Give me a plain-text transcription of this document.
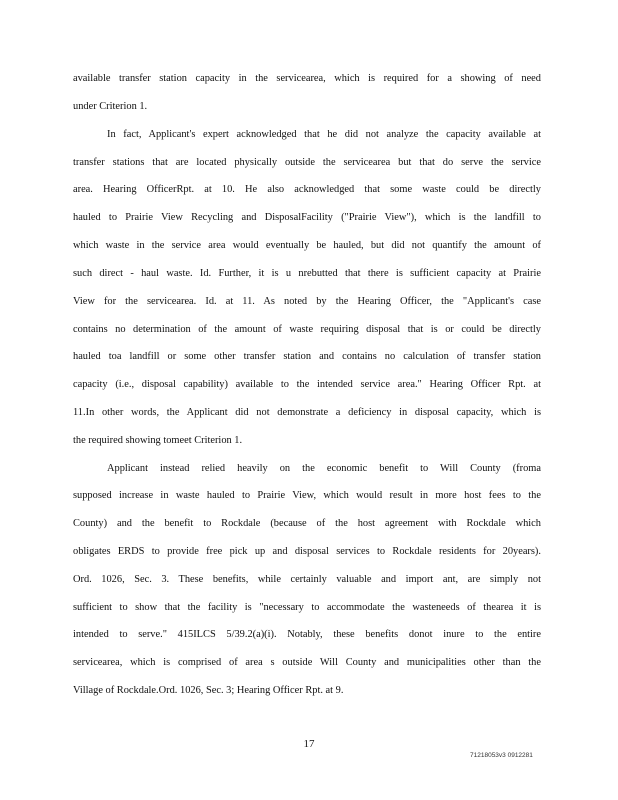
available transfer station capacity in the servicearea, which is required for a showing of need
under Criterion 1.
In fact, Applicant's expert acknowledged that he did not analyze the capacity available at
transfer stations that are located physically outside the servicearea but that do serve the service
area. Hearing OfficerRpt. at 10. He also acknowledged that some waste could be directly
hauled to Prairie View Recycling and DisposalFacility ("Prairie View"), which is the landfill to
which waste in the service area would eventually be hauled, but did not quantify the amount of
such direct - haul waste. Id. Further, it is u nrebutted that there is sufficient capacity at Prairie
View for the servicearea. Id. at 11. As noted by the Hearing Officer, the "Applicant's case
contains no determination of the amount of waste requiring disposal that is or could be directly
hauled toa landfill or some other transfer station and contains no calculation of transfer station
capacity (i.e., disposal capability) available to the intended service area." Hearing Officer Rpt. at
11.In other words, the Applicant did not demonstrate a deficiency in disposal capacity, which is
the required showing tomeet Criterion 1.
Applicant instead relied heavily on the economic benefit to Will County (froma
supposed increase in waste hauled to Prairie View, which would result in more host fees to the
County) and the benefit to Rockdale (because of the host agreement with Rockdale which
obligates ERDS to provide free pick up and disposal services to Rockdale residents for 20years).
Ord. 1026, Sec. 3. These benefits, while certainly valuable and import ant, are simply not
sufficient to show that the facility is "necessary to accommodate the wasteneeds of thearea it is
intended to serve." 415ILCS 5/39.2(a)(i). Notably, these benefits donot inure to the entire
servicearea, which is comprised of area s outside Will County and municipalities other than the
Village of Rockdale.Ord. 1026, Sec. 3; Hearing Officer Rpt. at 9.
17
71218053v3 0912281
